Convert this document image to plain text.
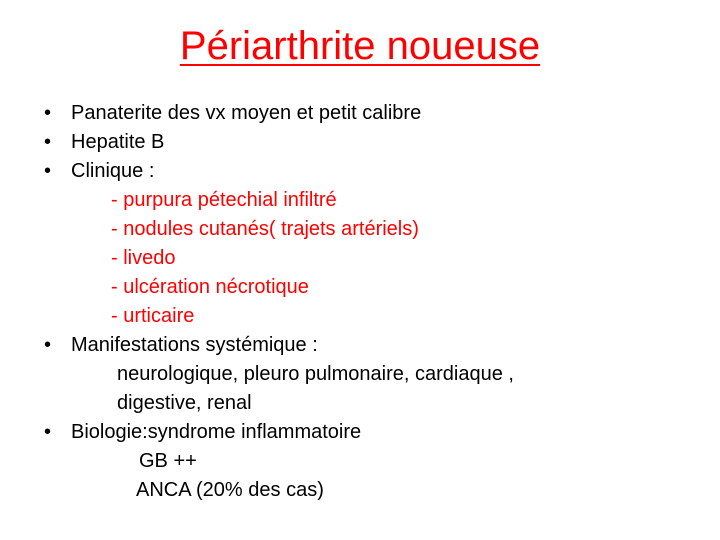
Périarthrite noueuse
• Panaterite des vx moyen et petit calibre
• Hepatite B
• Clinique :
- purpura pétechial infiltré
- nodules cutanés( trajets artériels)
- livedo
- ulcération nécrotique
- urticaire
• Manifestations systémique :
neurologique, pleuro pulmonaire, cardiaque ,
digestive, renal
• Biologie:syndrome inflammatoire
GB ++
ANCA (20% des cas)
